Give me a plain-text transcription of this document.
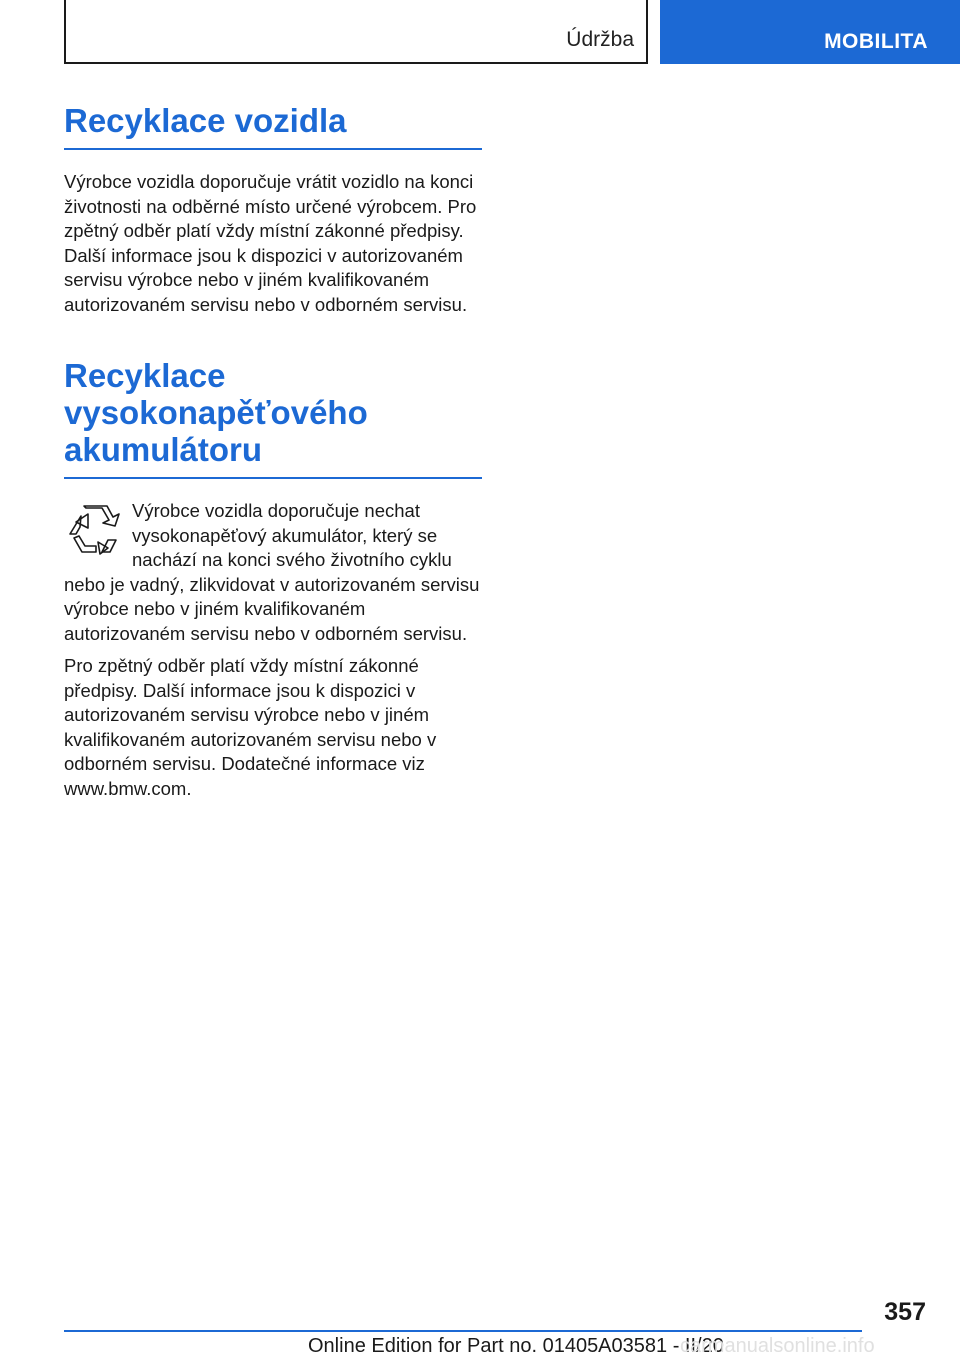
Údržba	MOBILITA
Recyklace vozidla

Výrobce vozidla doporučuje vrátit vozidlo na konci životnosti na odběrné místo určené výrobcem. Pro zpětný odběr platí vždy místní zákonné předpisy. Další informace jsou k dispozici v autorizovaném servisu výrobce nebo v jiném kvalifikovaném autorizovaném servisu nebo v odborném servisu.

Recyklace vysokonapěťového akumulátoru

Výrobce vozidla doporučuje nechat vysokonapěťový akumulátor, který se nachází na konci svého životního cyklu nebo je vadný, zlikvidovat v autorizovaném servisu výrobce nebo v jiném kvalifikovaném autorizovaném servisu nebo v odborném servisu.

Pro zpětný odběr platí vždy místní zákonné předpisy. Další informace jsou k dispozici v autorizovaném servisu výrobce nebo v jiném kvalifikovaném autorizovaném servisu nebo v odborném servisu. Dodatečné informace viz www.bmw.com.

357
Online Edition for Part no. 01405A03581 - II/20
carmanualsonline.info
